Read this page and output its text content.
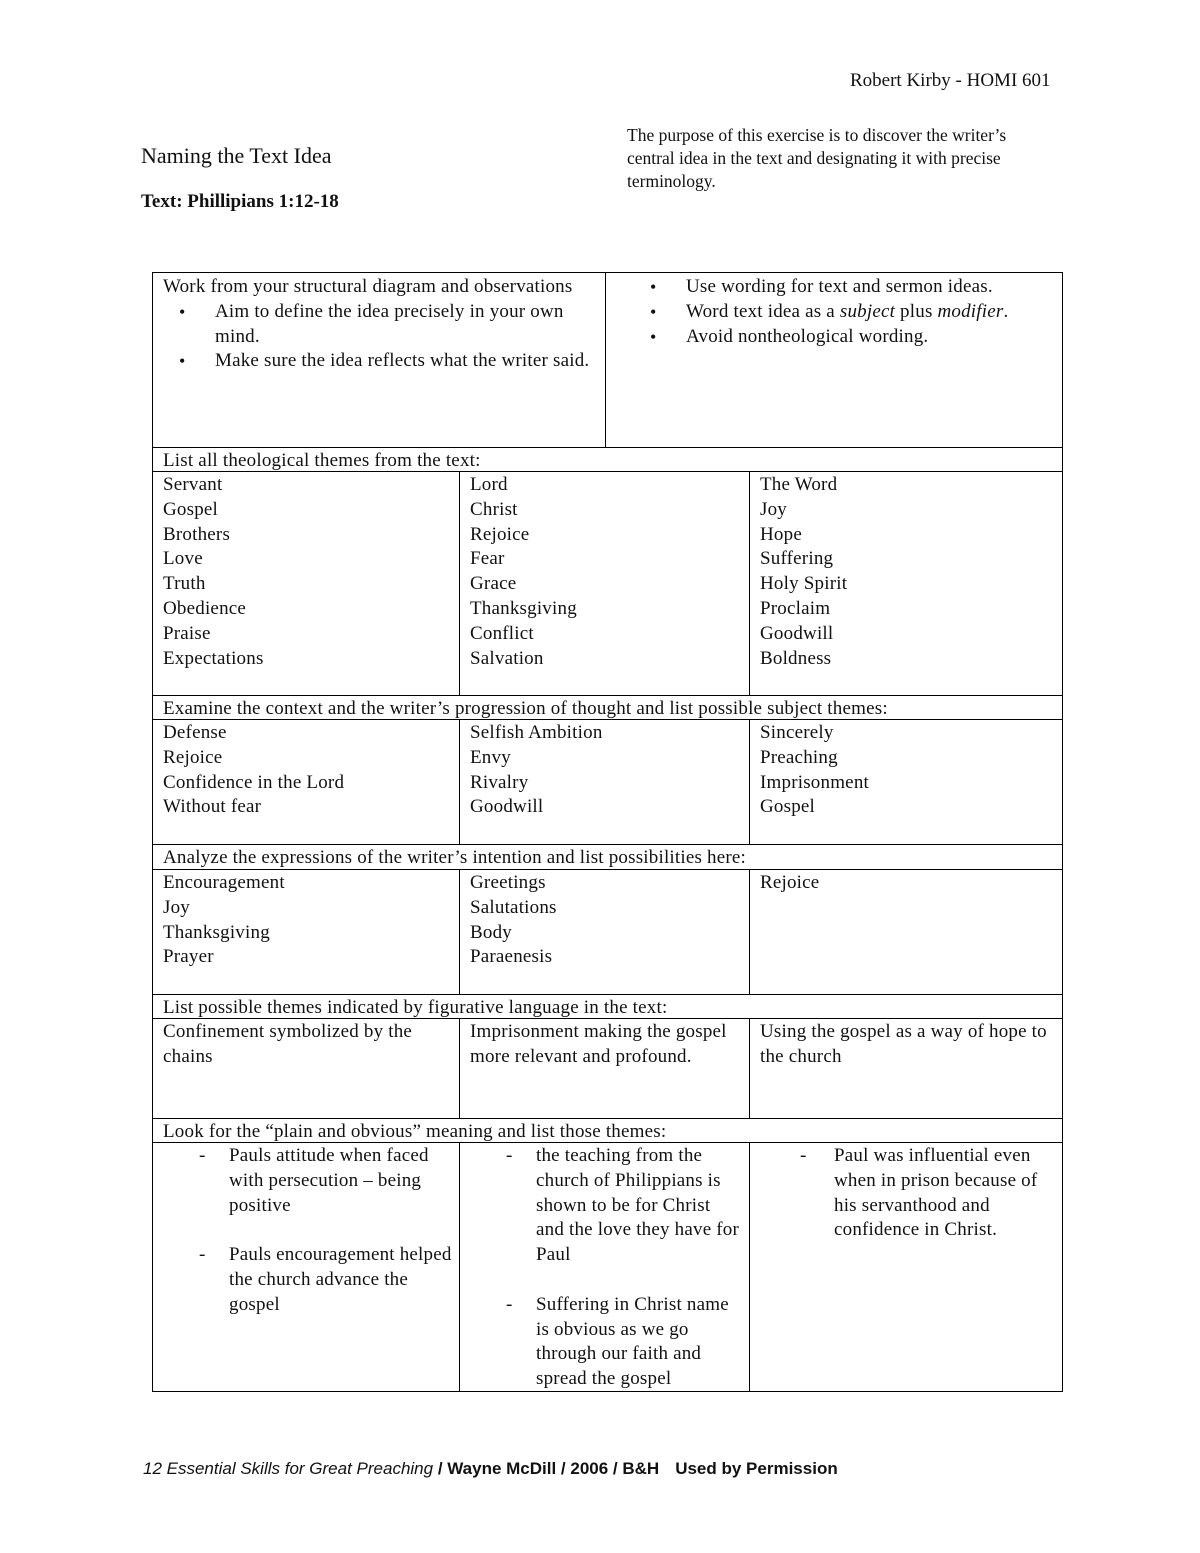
Robert Kirby - HOMI 601
Naming the Text Idea
Text: Phillipians 1:12-18
The purpose of this exercise is to discover the writer’s central idea in the text and designating it with precise terminology.
Work from your structural diagram and observations
• Aim to define the idea precisely in your own mind.
• Make sure the idea reflects what the writer said.
• Use wording for text and sermon ideas.
• Word text idea as a subject plus modifier.
• Avoid nontheological wording.
List all theological themes from the text:
Servant
Gospel
Brothers
Love
Truth
Obedience
Praise
Expectations
Lord
Christ
Rejoice
Fear
Grace
Thanksgiving
Conflict
Salvation
The Word
Joy
Hope
Suffering
Holy Spirit
Proclaim
Goodwill
Boldness
Examine the context and the writer’s progression of thought and list possible subject themes:
Defense
Rejoice
Confidence in the Lord
Without fear
Selfish Ambition
Envy
Rivalry
Goodwill
Sincerely
Preaching
Imprisonment
Gospel
Analyze the expressions of the writer’s intention and list possibilities here:
Encouragement
Joy
Thanksgiving
Prayer
Greetings
Salutations
Body
Paraenesis
Rejoice
List possible themes indicated by figurative language in the text:
Confinement symbolized by the chains
Imprisonment making the gospel more relevant and profound.
Using the gospel as a way of hope to the church
Look for the “plain and obvious” meaning and list those themes:
- Pauls attitude when faced with persecution – being positive
- Pauls encouragement helped the church advance the gospel
- the teaching from the church of Philippians is shown to be for Christ and the love they have for Paul
- Suffering in Christ name is obvious as we go through our faith and spread the gospel
- Paul was influential even when in prison because of his servanthood and confidence in Christ.
12 Essential Skills for Great Preaching / Wayne McDill / 2006 / B&H Used by Permission
